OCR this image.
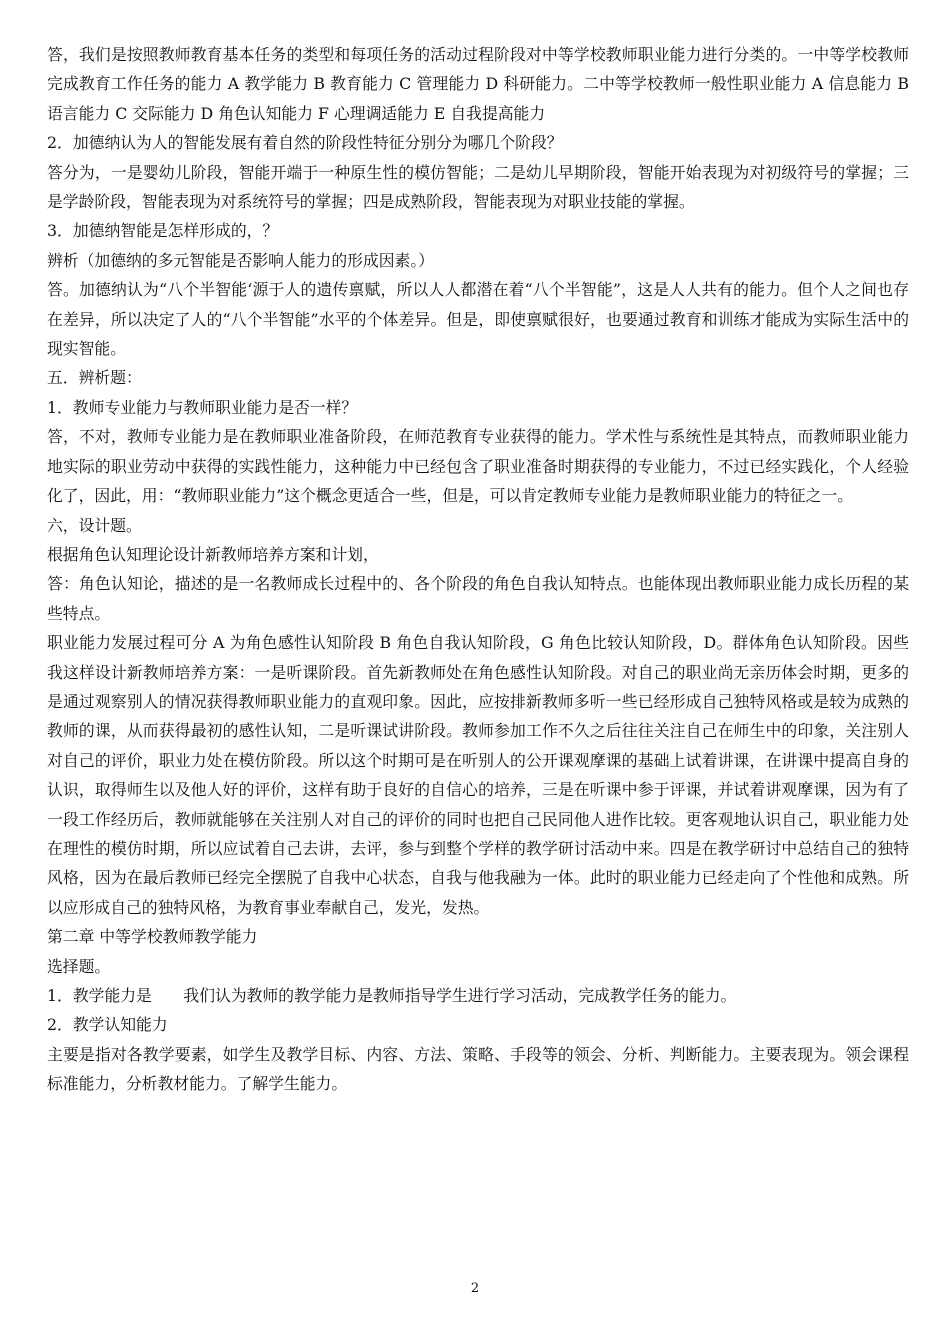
答，我们是按照教师教育基本任务的类型和每项任务的活动过程阶段对中等学校教师职业能力进行分类的。一中等学校教师完成教育工作任务的能力 A 教学能力 B 教育能力 C 管理能力 D 科研能力。二中等学校教师一般性职业能力 A 信息能力 B 语言能力 C 交际能力 D 角色认知能力 F 心理调适能力 E 自我提高能力

2．加德纳认为人的智能发展有着自然的阶段性特征分别分为哪几个阶段？

答分为，一是婴幼儿阶段，智能开端于一种原生性的模仿智能；二是幼儿早期阶段，智能开始表现为对初级符号的掌握；三是学龄阶段，智能表现为对系统符号的掌握；四是成熟阶段，智能表现为对职业技能的掌握。

3．加德纳智能是怎样形成的，？

辨析（加德纳的多元智能是否影响人能力的形成因素。）

答。加德纳认为“八个半智能‘源于人的遗传禀赋，所以人人都潜在着“八个半智能”，这是人人共有的能力。但个人之间也存在差异，所以决定了人的“八个半智能”水平的个体差异。但是，即使禀赋很好，也要通过教育和训练才能成为实际生活中的现实智能。

五．辨析题：

1．教师专业能力与教师职业能力是否一样？

答，不对，教师专业能力是在教师职业准备阶段，在师范教育专业获得的能力。学术性与系统性是其特点，而教师职业能力地实际的职业劳动中获得的实践性能力，这种能力中已经包含了职业准备时期获得的专业能力，不过已经实践化，个人经验化了，因此，用：“教师职业能力”这个概念更适合一些，但是，可以肯定教师专业能力是教师职业能力的特征之一。

六，设计题。

根据角色认知理论设计新教师培养方案和计划，

答：角色认知论，描述的是一名教师成长过程中的、各个阶段的角色自我认知特点。也能体现出教师职业能力成长历程的某些特点。

职业能力发展过程可分 A 为角色感性认知阶段 B 角色自我认知阶段，G 角色比较认知阶段，D。群体角色认知阶段。因些我这样设计新教师培养方案：一是听课阶段。首先新教师处在角色感性认知阶段。对自己的职业尚无亲历体会时期，更多的是通过观察别人的情况获得教师职业能力的直观印象。因此，应按排新教师多听一些已经形成自己独特风格或是较为成熟的教师的课，从而获得最初的感性认知，二是听课试讲阶段。教师参加工作不久之后往往关注自己在师生中的印象，关注别人对自己的评价，职业力处在模仿阶段。所以这个时期可是在听别人的公开课观摩课的基础上试着讲课，在讲课中提高自身的认识，取得师生以及他人好的评价，这样有助于良好的自信心的培养，三是在听课中参于评课，并试着讲观摩课，因为有了一段工作经历后，教师就能够在关注别人对自己的评价的同时也把自己民同他人进作比较。更客观地认识自己，职业能力处在理性的模仿时期，所以应试着自己去讲，去评，参与到整个学样的教学研讨活动中来。四是在教学研讨中总结自己的独特风格，因为在最后教师已经完全摆脱了自我中心状态，自我与他我融为一体。此时的职业能力已经走向了个性他和成熟。所以应形成自己的独特风格，为教育事业奉献自己，发光，发热。

第二章 中等学校教师教学能力

选择题。

1．教学能力是　　我们认为教师的教学能力是教师指导学生进行学习活动，完成教学任务的能力。

2．教学认知能力

主要是指对各教学要素，如学生及教学目标、内容、方法、策略、手段等的领会、分析、判断能力。主要表现为。领会课程标准能力，分析教材能力。了解学生能力。

2
